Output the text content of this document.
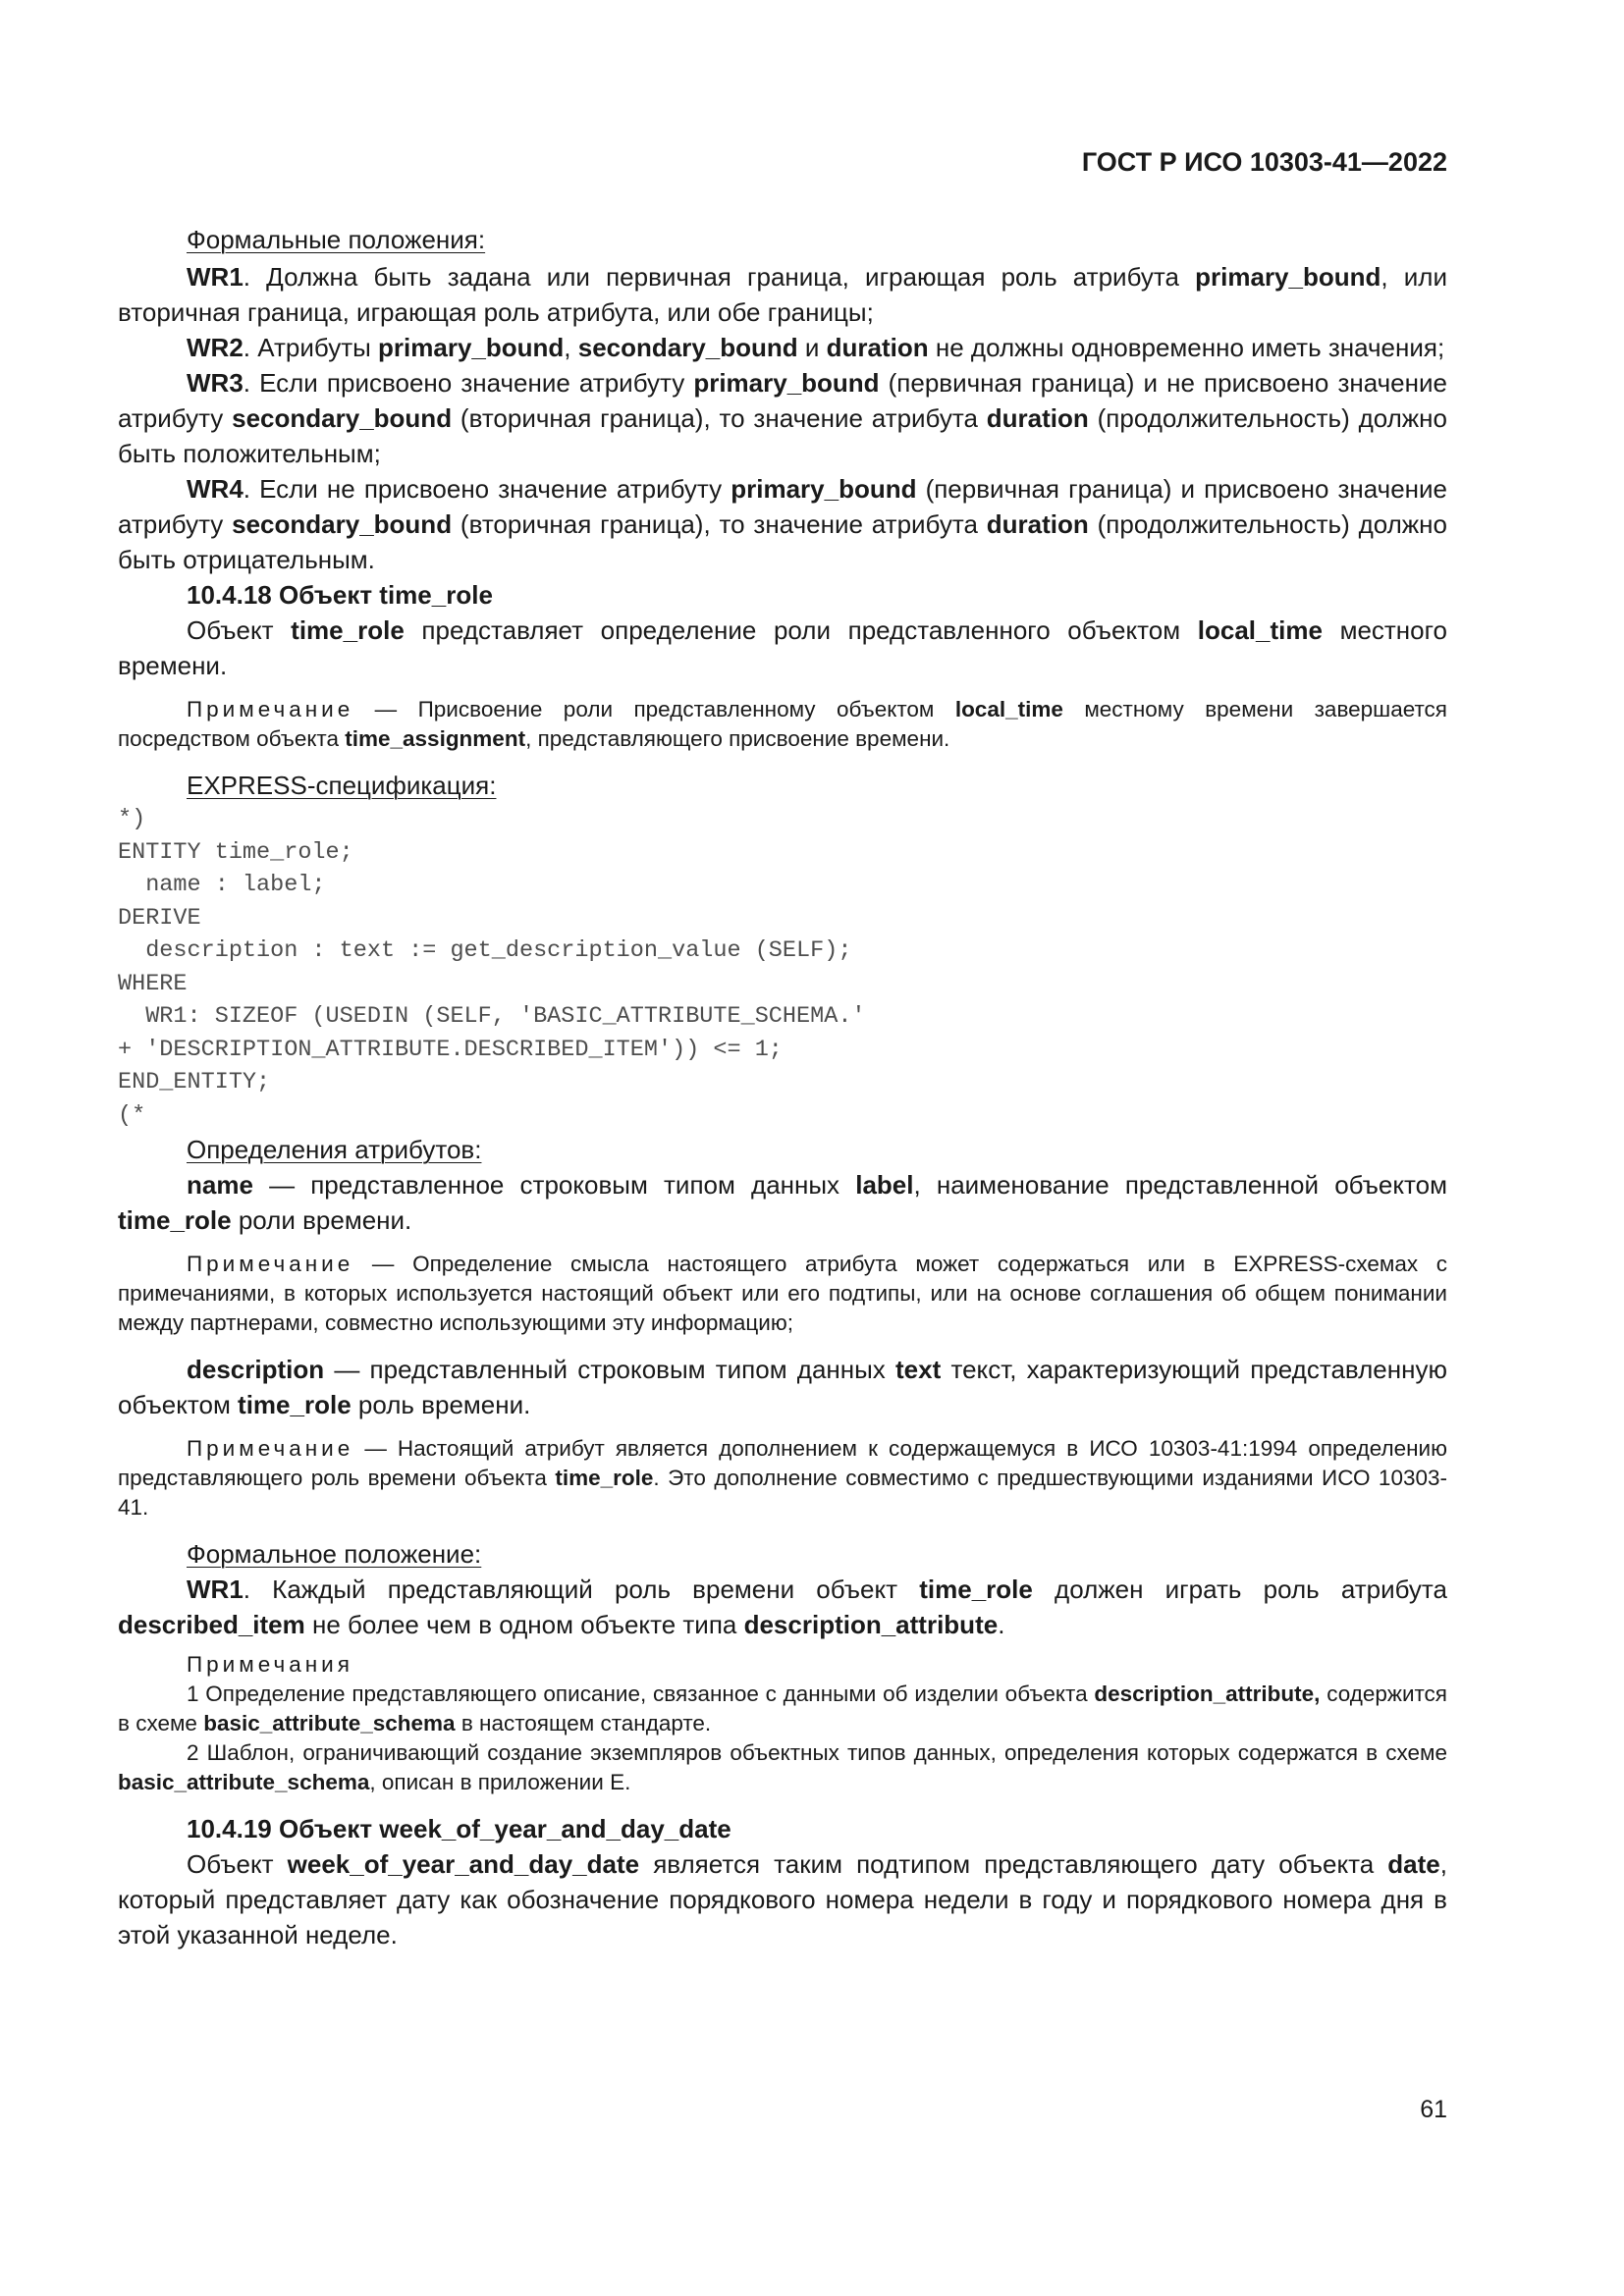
ГОСТ Р ИСО 10303-41—2022

Формальные положения:

WR1. Должна быть задана или первичная граница, играющая роль атрибута primary_bound, или вторичная граница, играющая роль атрибута, или обе границы;

WR2. Атрибуты primary_bound, secondary_bound и duration не должны одновременно иметь значения;

WR3. Если присвоено значение атрибуту primary_bound (первичная граница) и не присвоено значение атрибуту secondary_bound (вторичная граница), то значение атрибута duration (продолжительность) должно быть положительным;

WR4. Если не присвоено значение атрибуту primary_bound (первичная граница) и присвоено значение атрибуту secondary_bound (вторичная граница), то значение атрибута duration (продолжительность) должно быть отрицательным.

10.4.18 Объект time_role

Объект time_role представляет определение роли представленного объектом local_time местного времени.

Примечание — Присвоение роли представленному объектом local_time местному времени завершается посредством объекта time_assignment, представляющего присвоение времени.

EXPRESS-спецификация:

*)
ENTITY time_role;
name : label;
DERIVE
description : text := get_description_value (SELF);
WHERE
WR1: SIZEOF (USEDIN (SELF, 'BASIC_ATTRIBUTE_SCHEMA.'
+ 'DESCRIPTION_ATTRIBUTE.DESCRIBED_ITEM')) <= 1;
END_ENTITY;
(*

Определения атрибутов:

name — представленное строковым типом данных label, наименование представленной объектом time_role роли времени.

Примечание — Определение смысла настоящего атрибута может содержаться или в EXPRESS-схемах с примечаниями, в которых используется настоящий объект или его подтипы, или на основе соглашения об общем понимании между партнерами, совместно использующими эту информацию;

description — представленный строковым типом данных text текст, характеризующий представленную объектом time_role роль времени.

Примечание — Настоящий атрибут является дополнением к содержащемуся в ИСО 10303-41:1994 определению представляющего роль времени объекта time_role. Это дополнение совместимо с предшествующими изданиями ИСО 10303-41.

Формальное положение:

WR1. Каждый представляющий роль времени объект time_role должен играть роль атрибута described_item не более чем в одном объекте типа description_attribute.

Примечания

1 Определение представляющего описание, связанное с данными об изделии объекта description_attribute, содержится в схеме basic_attribute_schema в настоящем стандарте.

2 Шаблон, ограничивающий создание экземпляров объектных типов данных, определения которых содержатся в схеме basic_attribute_schema, описан в приложении E.

10.4.19 Объект week_of_year_and_day_date

Объект week_of_year_and_day_date является таким подтипом представляющего дату объекта date, который представляет дату как обозначение порядкового номера недели в году и порядкового номера дня в этой указанной неделе.

61
